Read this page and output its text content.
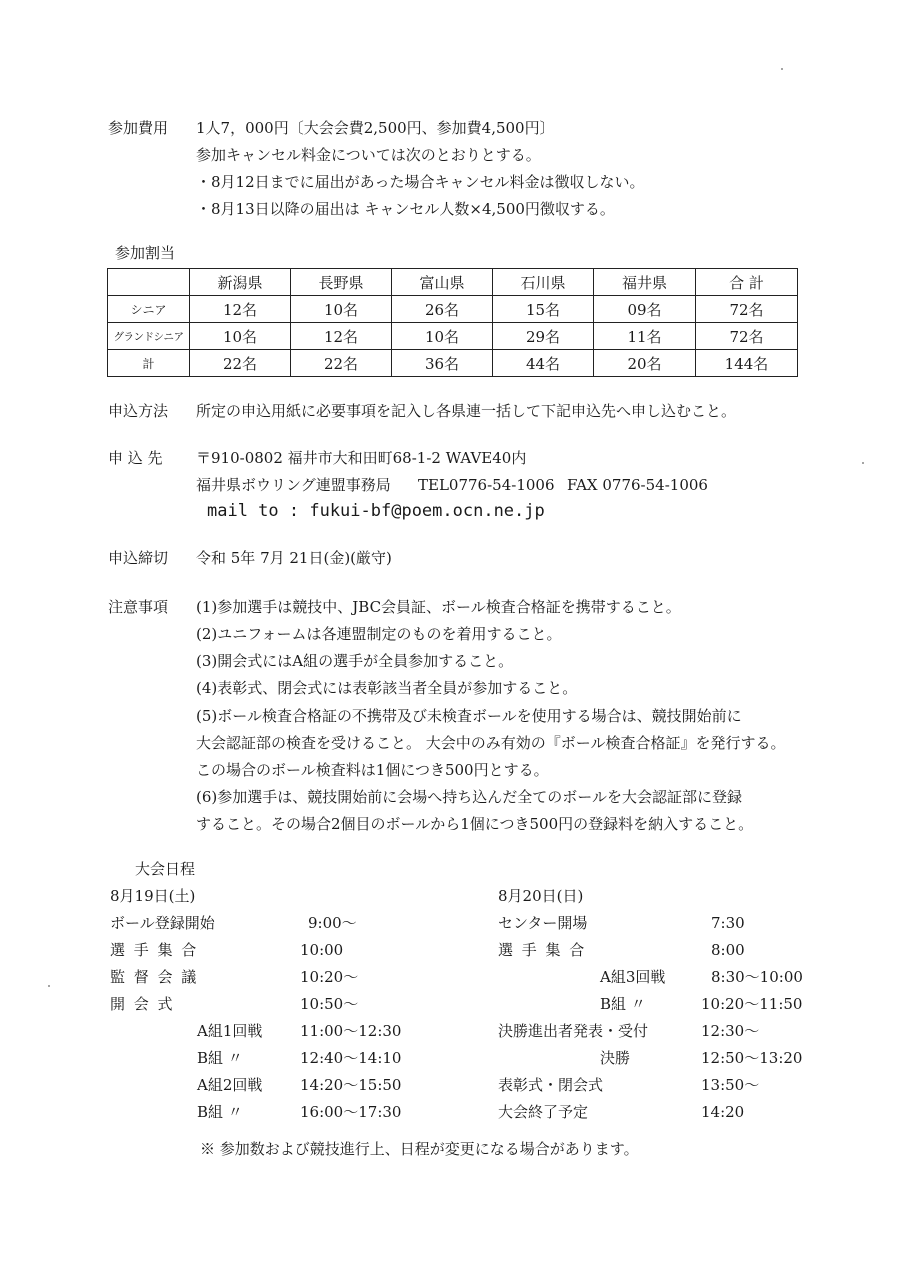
参加費用 1人7，000円〔大会会費2,500円、参加費4,500円〕
参加キャンセル料金については次のとおりとする。
・8月12日までに届出があった場合キャンセル料金は徴収しない。
・8月13日以降の届出は キャンセル人数×4,500円徴収する。
参加割当
	新潟県	長野県	富山県	石川県	福井県	合 計
シニア	12名	10名	26名	15名	09名	72名
グランドシニア	10名	12名	10名	29名	11名	72名
計	22名	22名	36名	44名	20名	144名
申込方法 所定の申込用紙に必要事項を記入し各県連一括して下記申込先へ申し込むこと。
申 込 先 〒910-0802 福井市大和田町68-1-2 WAVE40内
福井県ボウリング連盟事務局 TEL0776-54-1006 FAX 0776-54-1006
mail to : fukui-bf@poem.ocn.ne.jp
申込締切 令和 5年 7月 21日(金)(厳守)
注意事項 (1)参加選手は競技中、JBC会員証、ボール検査合格証を携帯すること。
(2)ユニフォームは各連盟制定のものを着用すること。
(3)開会式にはA組の選手が全員参加すること。
(4)表彰式、閉会式には表彰該当者全員が参加すること。
(5)ボール検査合格証の不携帯及び未検査ボールを使用する場合は、競技開始前に
大会認証部の検査を受けること。 大会中のみ有効の『ボール検査合格証』を発行する。
この場合のボール検査料は1個につき500円とする。
(6)参加選手は、競技開始前に会場へ持ち込んだ全てのボールを大会認証部に登録
すること。その場合2個目のボールから1個につき500円の登録料を納入すること。
大会日程
8月19日(土)
ボール登録開始	9:00～
選 手 集 合	10:00
監 督 会 議	10:20～
開 会 式	10:50～
A組1回戦	11:00～12:30
B組 〃	12:40～14:10
A組2回戦	14:20～15:50
B組 〃	16:00～17:30
8月20日(日)
センター開場	7:30
選 手 集 合	8:00
A組3回戦	8:30～10:00
B組 〃	10:20～11:50
決勝進出者発表・受付	12:30～
決勝	12:50～13:20
表彰式・閉会式	13:50～
大会終了予定	14:20
※ 参加数および競技進行上、日程が変更になる場合があります。
